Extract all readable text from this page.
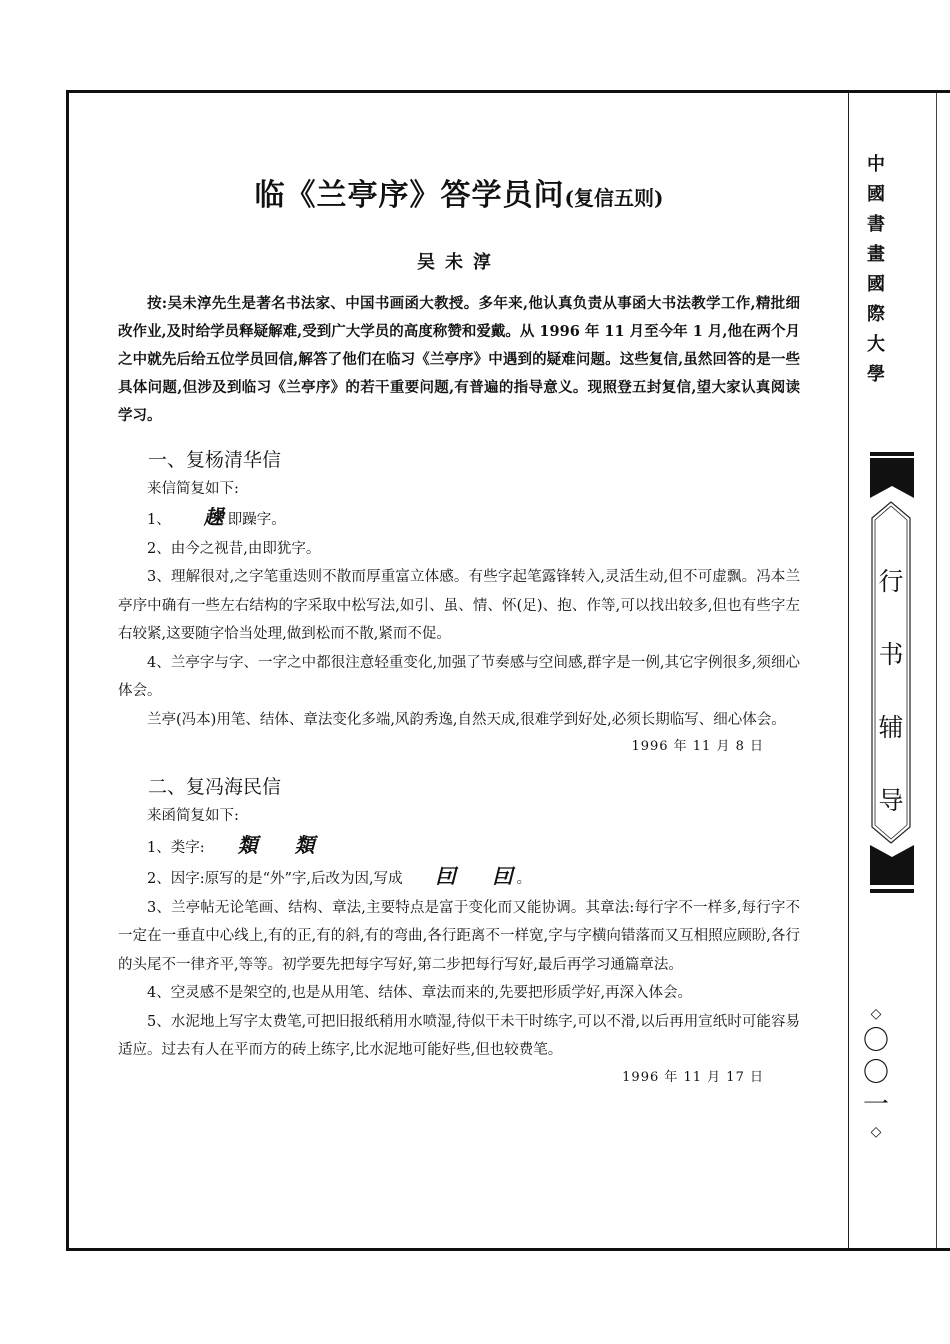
临《兰亭序》答学员问(复信五则)

吴未淳

按:吴未淳先生是著名书法家、中国书画函大教授。多年来,他认真负责从事函大书法教学工作,精批细改作业,及时给学员释疑解难,受到广大学员的高度称赞和爱戴。从 1996 年 11 月至今年 1 月,他在两个月之中就先后给五位学员回信,解答了他们在临习《兰亭序》中遇到的疑难问题。这些复信,虽然回答的是一些具体问题,但涉及到临习《兰亭序》的若干重要问题,有普遍的指导意义。现照登五封复信,望大家认真阅读学习。

一、复杨清华信

来信简复如下:

1、 趮 即躁字。

2、由今之视昔,由即犹字。

3、理解很对,之字笔重迭则不散而厚重富立体感。有些字起笔露锋转入,灵活生动,但不可虚飘。冯本兰亭序中确有一些左右结构的字采取中松写法,如引、虽、情、怀(足)、抱、作等,可以找出较多,但也有些字左右较紧,这要随字恰当处理,做到松而不散,紧而不促。

4、兰亭字与字、一字之中都很注意轻重变化,加强了节奏感与空间感,群字是一例,其它字例很多,须细心体会。

兰亭(冯本)用笔、结体、章法变化多端,风韵秀逸,自然天成,很难学到好处,必须长期临写、细心体会。

1996 年 11 月 8 日
二、复冯海民信

来函简复如下:

1、类字: 類 類

2、因字:原写的是“外”字,后改为因,写成 囙 囙 。

3、兰亭帖无论笔画、结构、章法,主要特点是富于变化而又能协调。其章法:每行字不一样多,每行字不一定在一垂直中心线上,有的正,有的斜,有的弯曲,各行距离不一样宽,字与字横向错落而又互相照应顾盼,各行的头尾不一律齐平,等等。初学要先把每字写好,第二步把每行写好,最后再学习通篇章法。

4、空灵感不是架空的,也是从用笔、结体、章法而来的,先要把形质学好,再深入体会。

5、水泥地上写字太费笔,可把旧报纸稍用水喷湿,待似干未干时练字,可以不滑,以后再用宣纸时可能容易适应。过去有人在平而方的砖上练字,比水泥地可能好些,但也较费笔。

1996 年 11 月 17 日
中
國
書
畫
國
際
大
學
行
书
辅
导
◇
〇
〇
一
◇
